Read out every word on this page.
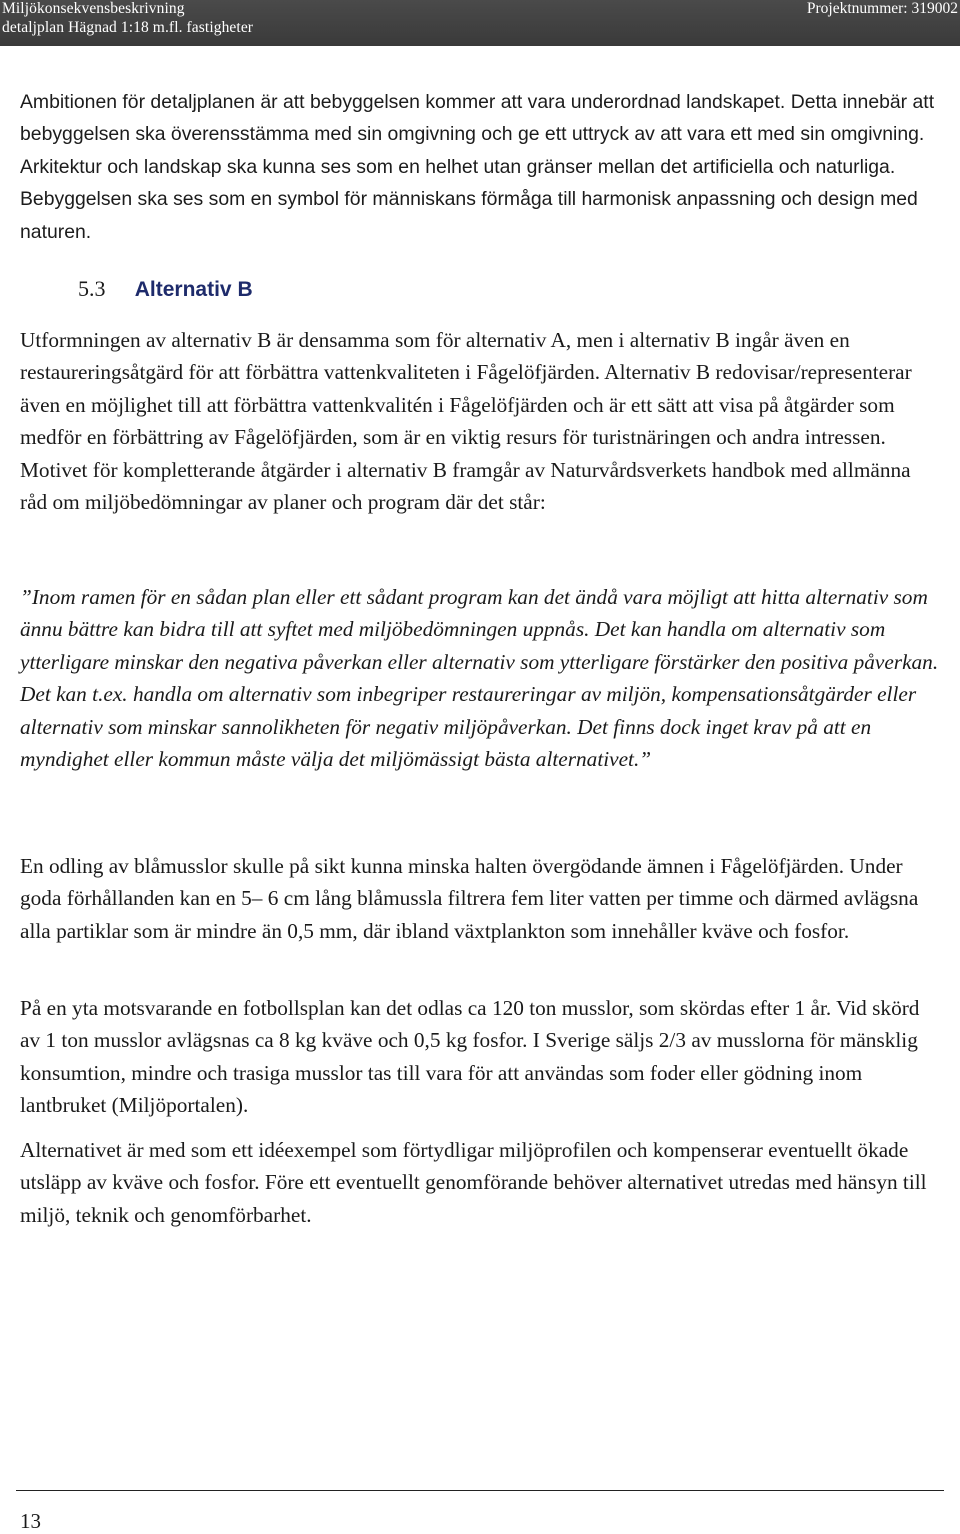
Miljökonsekvensbeskrivning
detaljplan Hägnad 1:18 m.fl. fastigheter
Projektnummer: 319002
Ambitionen för detaljplanen är att bebyggelsen kommer att vara underordnad landskapet. Detta innebär att bebyggelsen ska överensstämma med sin omgivning och ge ett uttryck av att vara ett med sin omgivning. Arkitektur och landskap ska kunna ses som en helhet utan gränser mellan det artificiella och naturliga. Bebyggelsen ska ses som en symbol för människans förmåga till harmonisk anpassning och design med naturen.
5.3 Alternativ B
Utformningen av alternativ B är densamma som för alternativ A, men i alternativ B ingår även en restaureringsåtgärd för att förbättra vattenkvaliteten i Fågelöfjärden. Alternativ B redovisar/representerar även en möjlighet till att förbättra vattenkvalitén i Fågelöfjärden och är ett sätt att visa på åtgärder som medför en förbättring av Fågelöfjärden, som är en viktig resurs för turistnäringen och andra intressen. Motivet för kompletterande åtgärder i alternativ B framgår av Naturvårdsverkets handbok med allmänna råd om miljöbedömningar av planer och program där det står:
”Inom ramen för en sådan plan eller ett sådant program kan det ändå vara möjligt att hitta alternativ som ännu bättre kan bidra till att syftet med miljöbedömningen uppnås. Det kan handla om alternativ som ytterligare minskar den negativa påverkan eller alternativ som ytterligare förstärker den positiva påverkan. Det kan t.ex. handla om alternativ som inbegriper restaureringar av miljön, kompensationsåtgärder eller alternativ som minskar sannolikheten för negativ miljöpåverkan. Det finns dock inget krav på att en myndighet eller kommun måste välja det miljömässigt bästa alternativet.”
En odling av blåmusslor skulle på sikt kunna minska halten övergödande ämnen i Fågelöfjärden. Under goda förhållanden kan en 5– 6 cm lång blåmussla filtrera fem liter vatten per timme och därmed avlägsna alla partiklar som är mindre än 0,5 mm, där ibland växtplankton som innehåller kväve och fosfor.
På en yta motsvarande en fotbollsplan kan det odlas ca 120 ton musslor, som skördas efter 1 år. Vid skörd av 1 ton musslor avlägsnas ca 8 kg kväve och 0,5 kg fosfor. I Sverige säljs 2/3 av musslorna för mänsklig konsumtion, mindre och trasiga musslor tas till vara för att användas som foder eller gödning inom lantbruket (Miljöportalen).
Alternativet är med som ett idéexempel som förtydligar miljöprofilen och kompenserar eventuellt ökade utsläpp av kväve och fosfor. Före ett eventuellt genomförande behöver alternativet utredas med hänsyn till miljö, teknik och genomförbarhet.
13
